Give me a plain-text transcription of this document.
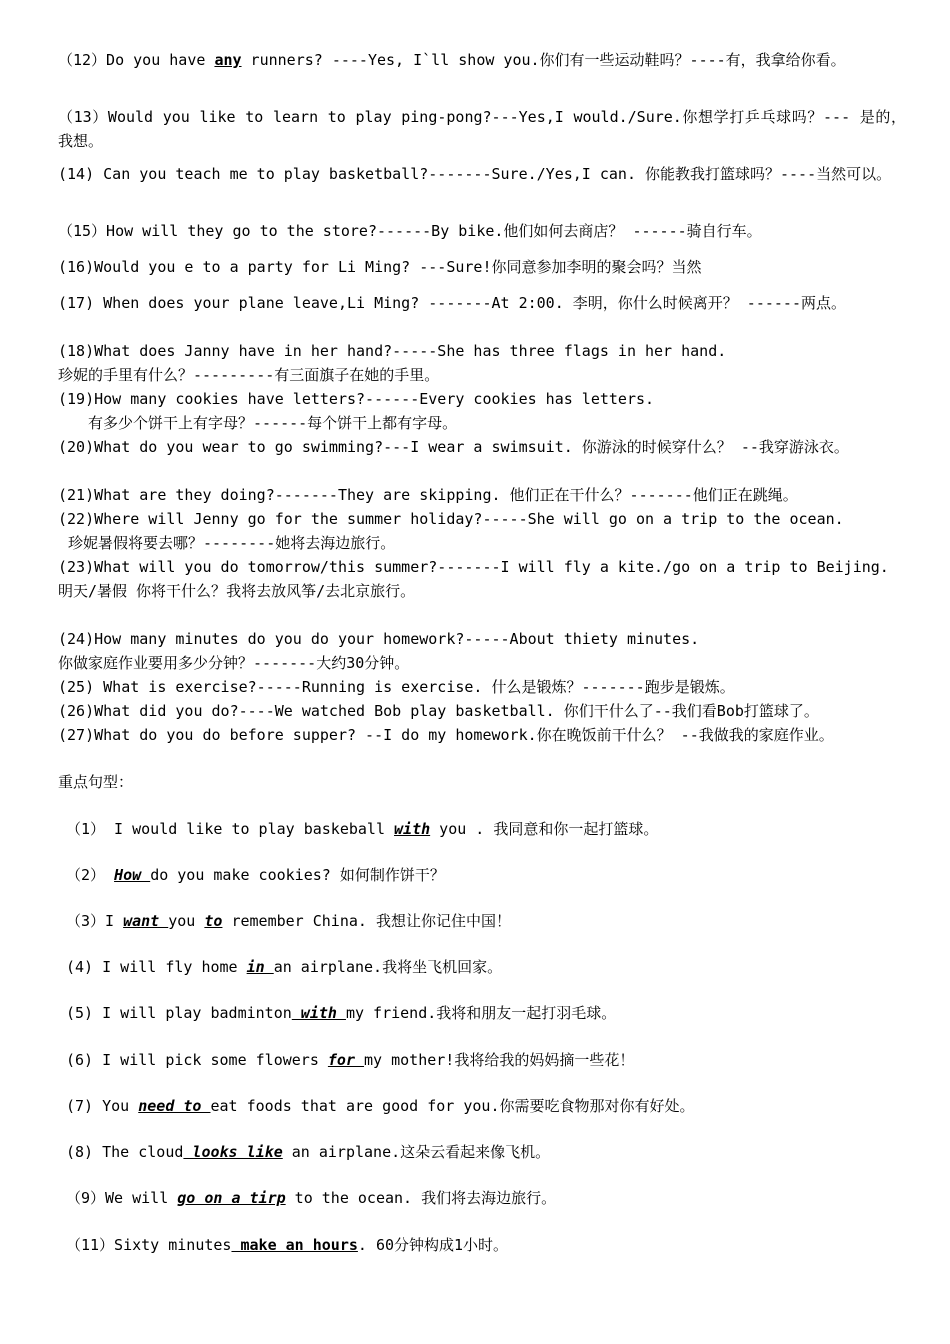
（12）Do you have any runners? ----Yes, I`ll show you.你们有一些运动鞋吗？----有，我拿给你看。

（13）Would you like to learn to play ping-pong?---Yes,I would./Sure.你想学打乒乓球吗？--- 是的，我想。

(14) Can you teach me to play basketball?-------Sure./Yes,I can. 你能教我打篮球吗？----当然可以。

（15）How will they go to the store?------By bike.他们如何去商店？ ------骑自行车。

(16)Would you e to a party for Li Ming? ---Sure!你同意参加李明的聚会吗？当然

(17) When does your plane leave,Li Ming? -------At 2:00. 李明，你什么时候离开？ ------两点。

(18)What does Janny have in her hand?-----She has three flags in her hand.
珍妮的手里有什么？---------有三面旗子在她的手里。

(19)How many cookies have letters?------Every cookies has letters.
有多少个饼干上有字母？------每个饼干上都有字母。

(20)What do you wear to go swimming?---I wear a swimsuit. 你游泳的时候穿什么？ --我穿游泳衣。

(21)What are they doing?-------They are skipping. 他们正在干什么？-------他们正在跳绳。

(22)Where will Jenny go for the summer holiday?-----She will go on a trip to the ocean.
珍妮暑假将要去哪？--------她将去海边旅行。

(23)What will you do tomorrow/this summer?-------I will fly a kite./go on a trip to Beijing.
明天/暑假 你将干什么？我将去放风筝/去北京旅行。

(24)How many minutes do you do your homework?-----About thiety minutes.
你做家庭作业要用多少分钟？-------大约30分钟。

(25) What is exercise?-----Running is exercise. 什么是锻炼？-------跑步是锻炼。

(26)What did you do?----We watched Bob play basketball. 你们干什么了--我们看Bob打篮球了。

(27)What do you do before supper? --I do my homework.你在晚饭前干什么？ --我做我的家庭作业。

重点句型：
（1） I would like to play baskeball with you . 我同意和你一起打篮球。
（2） How do you make cookies? 如何制作饼干？
（3）I want you to remember China. 我想让你记住中国！
(4) I will fly home in an airplane.我将坐飞机回家。
(5) I will play badminton with my friend.我将和朋友一起打羽毛球。
(6) I will pick some flowers for my mother!我将给我的妈妈摘一些花！
(7) You need to eat foods that are good for you.你需要吃食物那对你有好处。
(8) The cloud looks like an airplane.这朵云看起来像飞机。
（9）We will go on a tirp to the ocean. 我们将去海边旅行。
（11）Sixty minutes make an hours. 60分钟构成1小时。
